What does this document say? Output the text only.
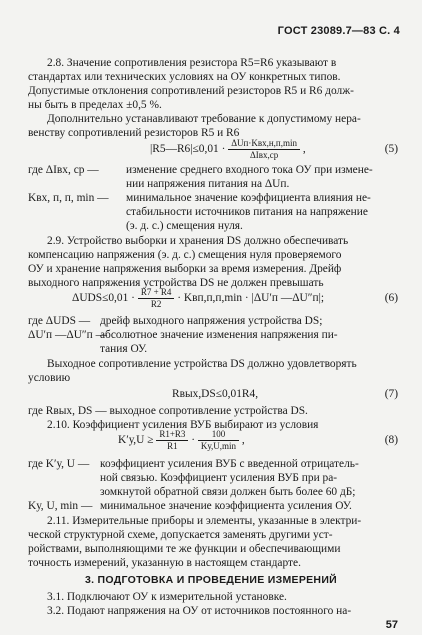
ГОСТ 23089.7—83 С. 4
2.8. Значение сопротивления резистора R5=R6 указывают в
стандартах или технических условиях на ОУ конкретных типов.
Допустимые отклонения сопротивлений резисторов R5 и R6 долж-
ны быть в пределах ±0,5 %.
Дополнительно устанавливают требование к допустимому нера-
венству сопротивлений резисторов R5 и R6
|R5—R6|≤0,01 · $\frac{\text{ΔUп·Kвх,н,п,min}}{\text{ΔIвх,ср}}$ ,	(5)
где ΔIвх, ср — изменение среднего входного тока ОУ при измене-
нии напряжения питания на ΔUп.
Kвх, п, п, min — минимальное значение коэффициента влияния не-
стабильности источников питания на напряжение
(э. д. с.) смещения нуля.
2.9. Устройство выборки и хранения DS должно обеспечивать
компенсацию напряжения (э. д. с.) смещения нуля проверяемого
ОУ и хранение напряжения выборки за время измерения. Дрейф
выходного напряжения устройства DS не должен превышать
$\Delta UDS\le 0,01 \cdot \frac{R7 + R4}{R2} \cdot Kвп,п,п,\min \cdot |\Delta U'п$ —ΔU″п|;	(6)
где ΔUDS — дрейф выходного напряжения устройства DS;
ΔU′п —ΔU″п —
абсолютное значение изменения напряжения пи-
тания ОУ.
Выходное сопротивление устройства DS должно удовлетворять
условию
Rвых,DS≤0,01R4,	(7)
где Rвых, DS — выходное сопротивление устройства DS.
2.10. Коэффициент усиления ВУБ выбирают из условия
$K'у,U \ge \frac{R1+R3}{R1} \cdot \frac{100}{Kу,U,\min}$ ,	(8)
где K′у, U — коэффициент усиления ВУБ с введенной отрицатель-
ной связью. Коэффициент усиления ВУБ при ра-
зомкнутой обратной связи должен быть более 60 дБ;
Kу, U, min — минимальное значение коэффициента усиления ОУ.
2.11. Измерительные приборы и элементы, указанные в электри-
ческой структурной схеме, допускается заменять другими уст-
ройствами, выполняющими те же функции и обеспечивающими
точность измерений, указанную в настоящем стандарте.
3. ПОДГОТОВКА И ПРОВЕДЕНИЕ ИЗМЕРЕНИЙ
57
3.1. Подключают ОУ к измерительной установке.
3.2. Подают напряжения на ОУ от источников постоянного на-
